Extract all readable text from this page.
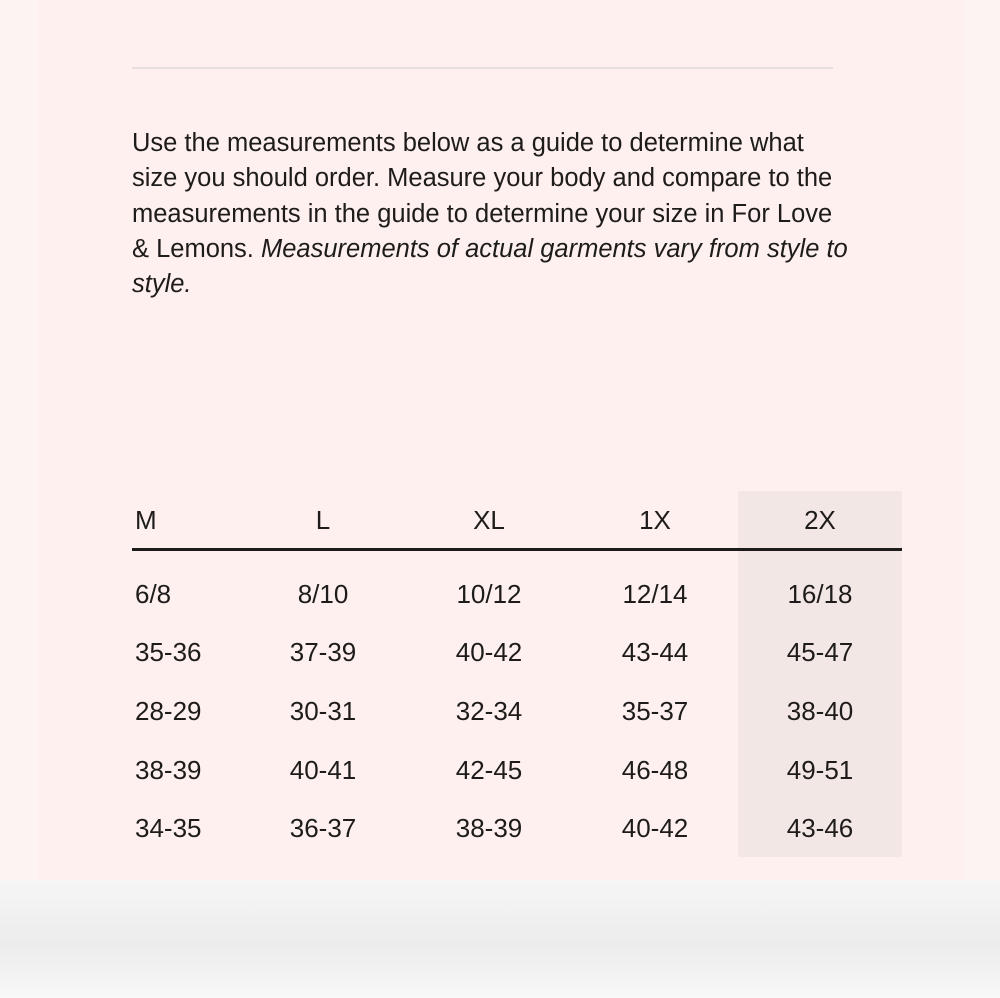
Use the measurements below as a guide to determine what size you should order. Measure your body and compare to the measurements in the guide to determine your size in For Love & Lemons. Measurements of actual garments vary from style to style.

M	L	XL	1X	2X
6/8	8/10	10/12	12/14	16/18
35-36	37-39	40-42	43-44	45-47
28-29	30-31	32-34	35-37	38-40
38-39	40-41	42-45	46-48	49-51
34-35	36-37	38-39	40-42	43-46
